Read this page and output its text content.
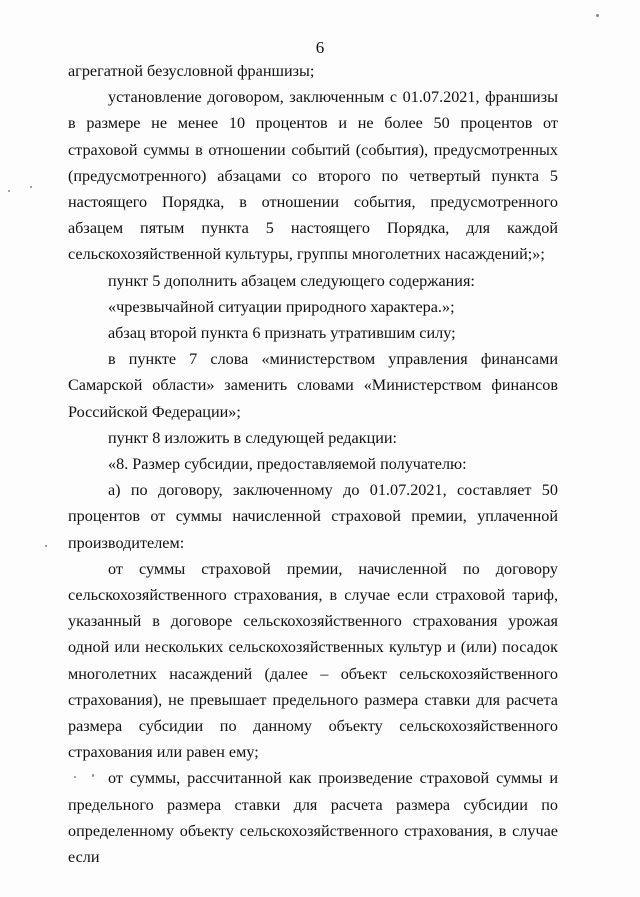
6

агрегатной безусловной франшизы;

установление договором, заключенным с 01.07.2021, франшизы в размере не менее 10 процентов и не более 50 процентов от страховой суммы в отношении событий (события), предусмотренных (предусмотренного) абзацами со второго по четвертый пункта 5 настоящего Порядка, в отношении события, предусмотренного абзацем пятым пункта 5 настоящего Порядка, для каждой сельскохозяйственной культуры, группы многолетних насаждений;»;

пункт 5 дополнить абзацем следующего содержания:

«чрезвычайной ситуации природного характера.»;

абзац второй пункта 6 признать утратившим силу;

в пункте 7 слова «министерством управления финансами Самарской области» заменить словами «Министерством финансов Российской Федерации»;

пункт 8 изложить в следующей редакции:

«8. Размер субсидии, предоставляемой получателю:

а) по договору, заключенному до 01.07.2021, составляет 50 процентов от суммы начисленной страховой премии, уплаченной производителем:

от суммы страховой премии, начисленной по договору сельскохозяйственного страхования, в случае если страховой тариф, указанный в договоре сельскохозяйственного страхования урожая одной или нескольких сельскохозяйственных культур и (или) посадок многолетних насаждений (далее – объект сельскохозяйственного страхования), не превышает предельного размера ставки для расчета размера субсидии по данному объекту сельскохозяйственного страхования или равен ему;

от суммы, рассчитанной как произведение страховой суммы и предельного размера ставки для расчета размера субсидии по определенному объекту сельскохозяйственного страхования, в случае если
